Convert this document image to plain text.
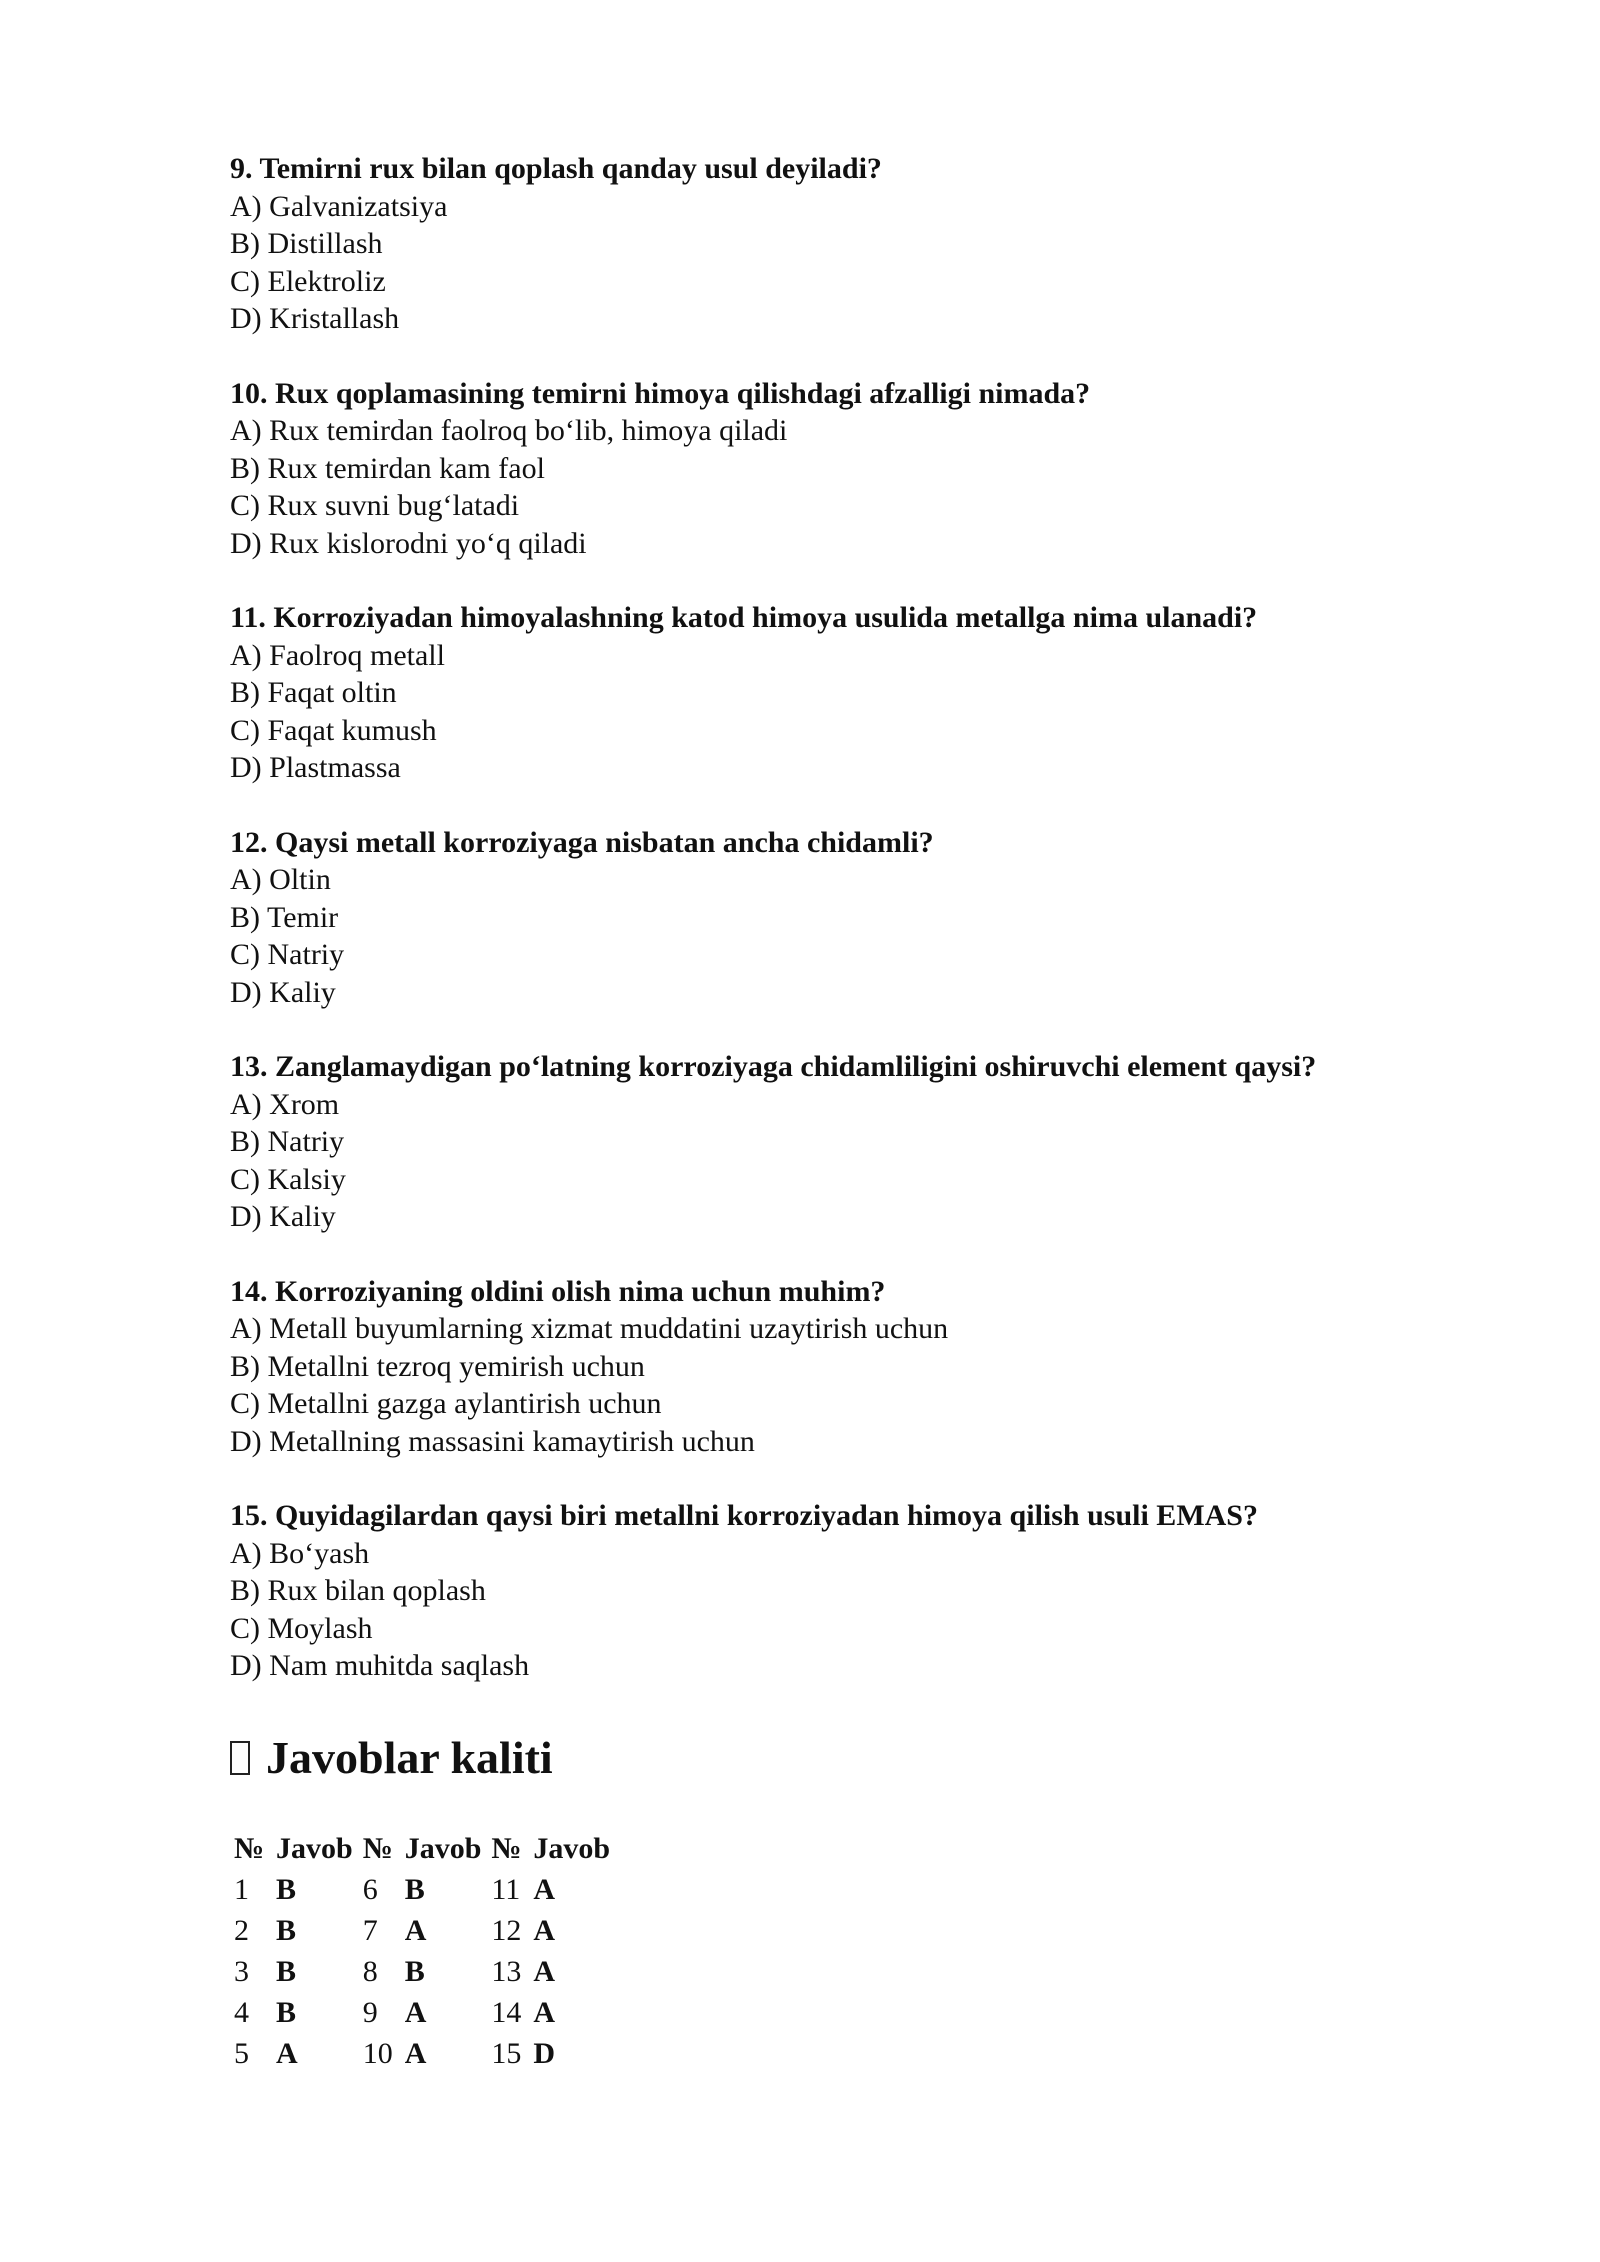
9. Temirni rux bilan qoplash qanday usul deyiladi?

A) Galvanizatsiya

B) Distillash

C) Elektroliz

D) Kristallash

10. Rux qoplamasining temirni himoya qilishdagi afzalligi nimada?

A) Rux temirdan faolroq bo‘lib, himoya qiladi

B) Rux temirdan kam faol

C) Rux suvni bug‘latadi

D) Rux kislorodni yo‘q qiladi

11. Korroziyadan himoyalashning katod himoya usulida metallga nima ulanadi?

A) Faolroq metall

B) Faqat oltin

C) Faqat kumush

D) Plastmassa

12. Qaysi metall korroziyaga nisbatan ancha chidamli?

A) Oltin

B) Temir

C) Natriy

D) Kaliy

13. Zanglamaydigan po‘latning korroziyaga chidamliligini oshiruvchi element qaysi?

A) Xrom

B) Natriy

C) Kalsiy

D) Kaliy

14. Korroziyaning oldini olish nima uchun muhim?

A) Metall buyumlarning xizmat muddatini uzaytirish uchun

B) Metallni tezroq yemirish uchun

C) Metallni gazga aylantirish uchun

D) Metallning massasini kamaytirish uchun

15. Quyidagilardan qaysi biri metallni korroziyadan himoya qilish usuli EMAS?

A) Bo‘yash

B) Rux bilan qoplash

C) Moylash

D) Nam muhitda saqlash

Javoblar kaliti
№	Javob	№	Javob	№	Javob
1	B	6	B	11	A
2	B	7	A	12	A
3	B	8	B	13	A
4	B	9	A	14	A
5	A	10	A	15	D
